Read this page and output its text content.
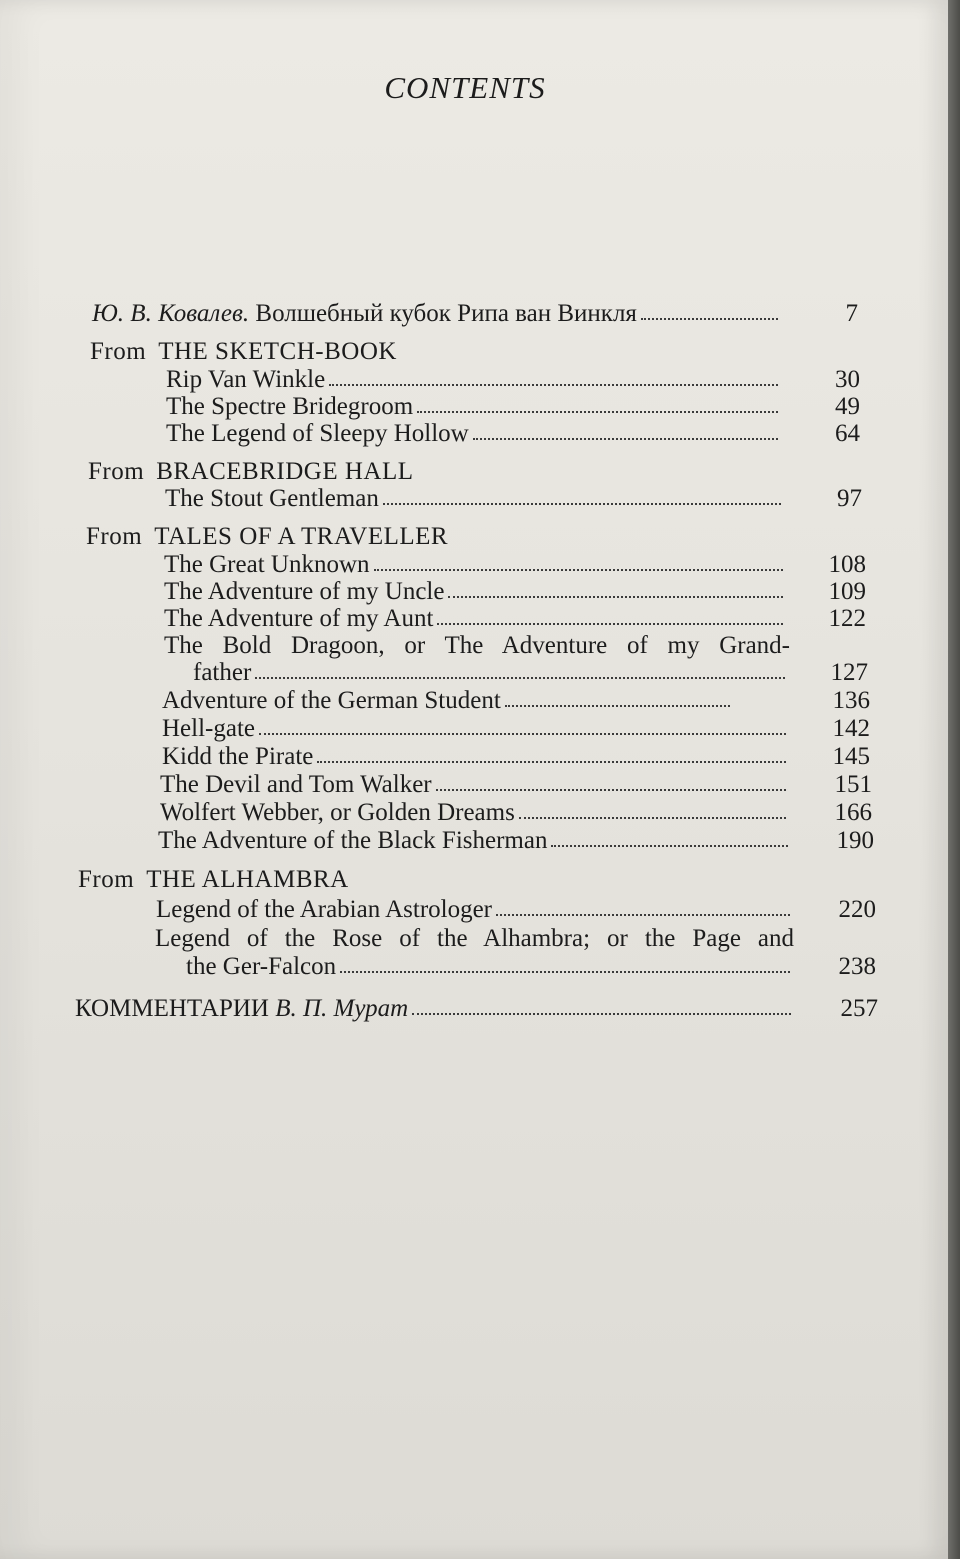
CONTENTS
Ю. В. Ковалев. Волшебный кубок Рипа ван Винкля	7
From THE SKETCH-BOOK
Rip Van Winkle	30
The Spectre Bridegroom	49
The Legend of Sleepy Hollow	64
From BRACEBRIDGE HALL
The Stout Gentleman	97
From TALES OF A TRAVELLER
The Great Unknown	108
The Adventure of my Uncle	109
The Adventure of my Aunt	122
The Bold Dragoon, or The Adventure of my Grand-
father	127
Adventure of the German Student	136
Hell-gate	142
Kidd the Pirate	145
The Devil and Tom Walker	151
Wolfert Webber, or Golden Dreams	166
The Adventure of the Black Fisherman	190
From THE ALHAMBRA
Legend of the Arabian Astrologer	220
Legend of the Rose of the Alhambra; or the Page and
the Ger-Falcon	238
КОММЕНТАРИИ В. П. Мурат	257
